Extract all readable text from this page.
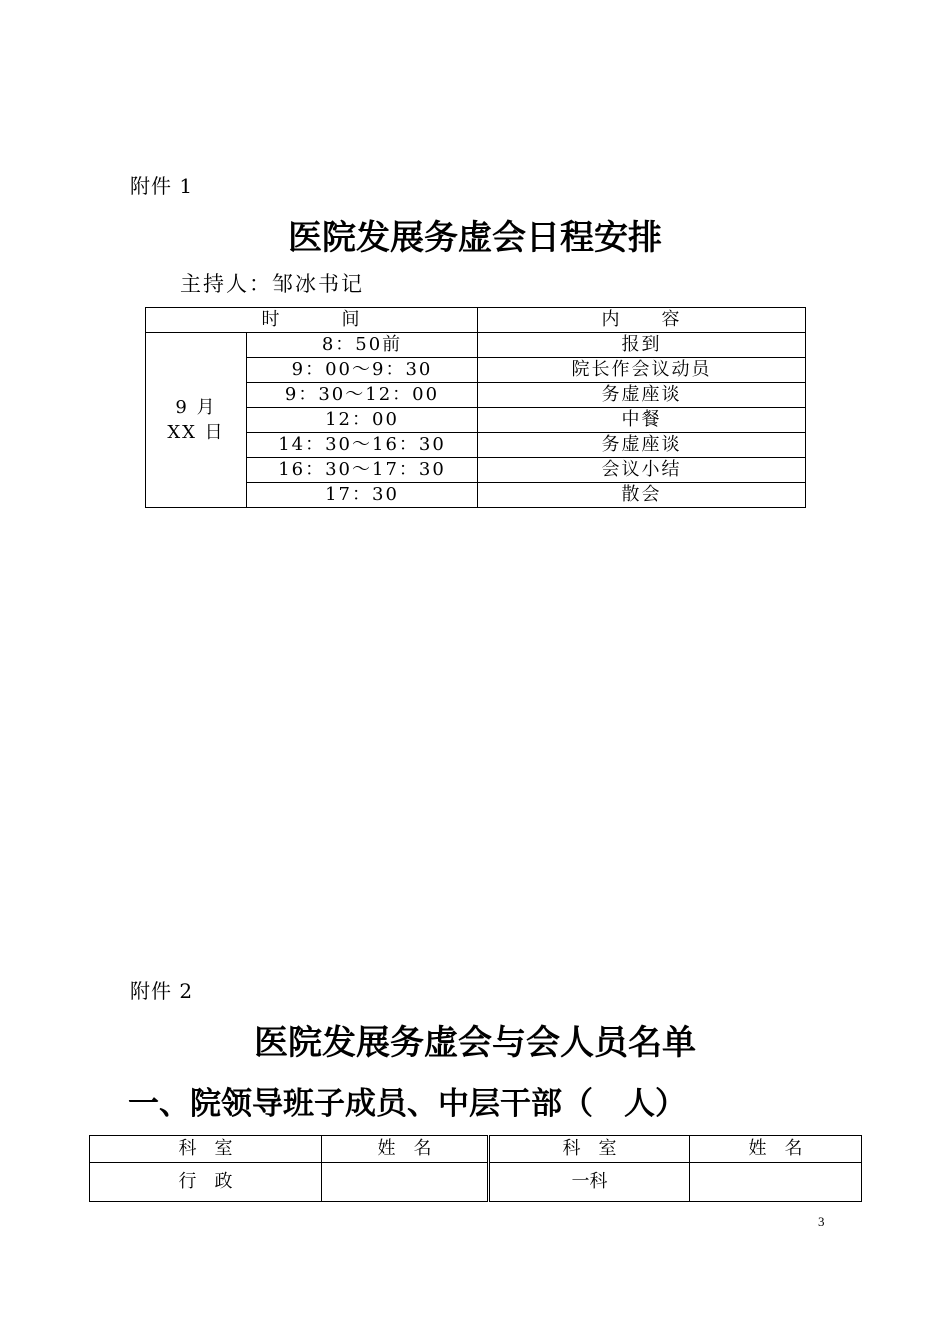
附件 1
医院发展务虚会日程安排
主持人：邹冰书记
时　　　间		内　　容
9 月 XX 日	8：50前	报到
	9：00～9：30	院长作会议动员
	9：30～12：00	务虚座谈
	12：00	中餐
	14：30～16：30	务虚座谈
	16：30～17：30	会议小结
	17：30	散会
附件 2
医院发展务虚会与会人员名单
一、院领导班子成员、中层干部（　人）
科　室	姓　名	科　室	姓　名
行　政		一科	
3
